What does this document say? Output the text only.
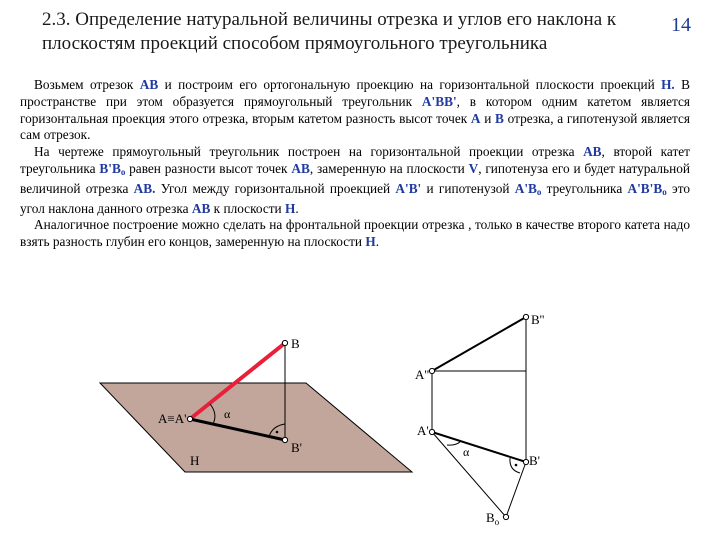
2.3. Определение натуральной величины отрезка и углов его наклона к
плоскостям проекций способом прямоугольного треугольника
14

Возьмем отрезок АВ и построим его ортогональную проекцию на горизонтальной плоскости проекций Н. В пространстве при этом образуется прямоугольный треугольник А'ВВ', в котором одним катетом является горизонтальная проекция этого отрезка, вторым катетом разность высот точек А и В отрезка, а гипотенузой является сам отрезок.

На чертеже прямоугольный треугольник построен на горизонтальной проекции отрезка АВ, второй катет треугольника $В'В_о$ равен разности высот точек АВ, замеренную на плоскости V, гипотенуза его и будет натуральной величиной отрезка АВ. Угол между горизонтальной проекцией А'В' и гипотенузой $А'В_о$ треугольника $А'В'В_о$ это угол наклона данного отрезка АВ к плоскости Н.

Аналогичное построение можно сделать на фронтальной проекции отрезка , только в качестве второго катета надо взять разность глубин его концов, замеренную на плоскости Н.

В
А≡А'	α
В'
Н
В''
А''
А'
α
В'
$В_о$
